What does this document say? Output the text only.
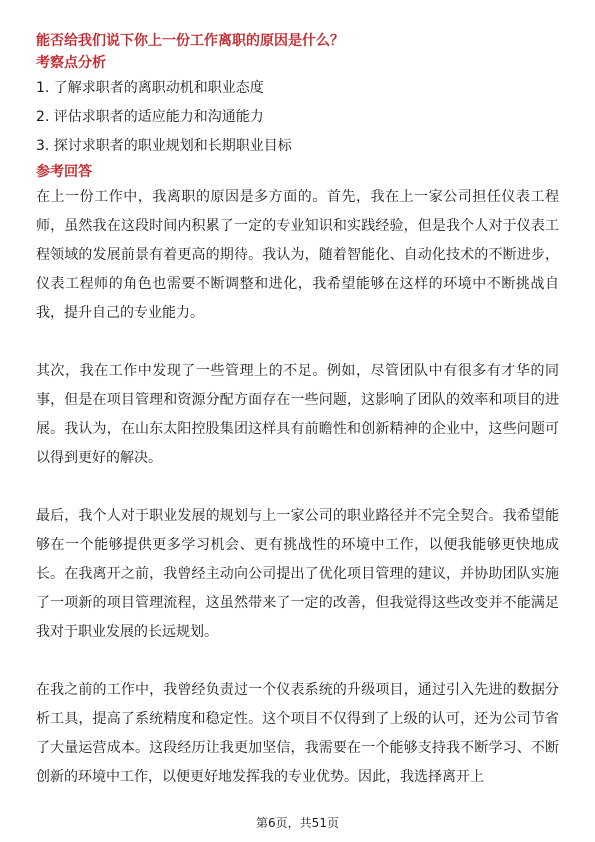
能否给我们说下你上一份工作离职的原因是什么？

考察点分析

1. 了解求职者的离职动机和职业态度
2. 评估求职者的适应能力和沟通能力
3. 探讨求职者的职业规划和长期职业目标

参考回答

在上一份工作中，我离职的原因是多方面的。首先，我在上一家公司担任仪表工程师，虽然我在这段时间内积累了一定的专业知识和实践经验，但是我个人对于仪表工程领域的发展前景有着更高的期待。我认为，随着智能化、自动化技术的不断进步，仪表工程师的角色也需要不断调整和进化，我希望能够在这样的环境中不断挑战自我，提升自己的专业能力。

其次，我在工作中发现了一些管理上的不足。例如，尽管团队中有很多有才华的同事，但是在项目管理和资源分配方面存在一些问题，这影响了团队的效率和项目的进展。我认为，在山东太阳控股集团这样具有前瞻性和创新精神的企业中，这些问题可以得到更好的解决。

最后，我个人对于职业发展的规划与上一家公司的职业路径并不完全契合。我希望能够在一个能够提供更多学习机会、更有挑战性的环境中工作，以便我能够更快地成长。在我离开之前，我曾经主动向公司提出了优化项目管理的建议，并协助团队实施了一项新的项目管理流程，这虽然带来了一定的改善，但我觉得这些改变并不能满足我对于职业发展的长远规划。

在我之前的工作中，我曾经负责过一个仪表系统的升级项目，通过引入先进的数据分析工具，提高了系统精度和稳定性。这个项目不仅得到了上级的认可，还为公司节省了大量运营成本。这段经历让我更加坚信，我需要在一个能够支持我不断学习、不断创新的环境中工作，以便更好地发挥我的专业优势。因此，我选择离开上

第6页，共51页
